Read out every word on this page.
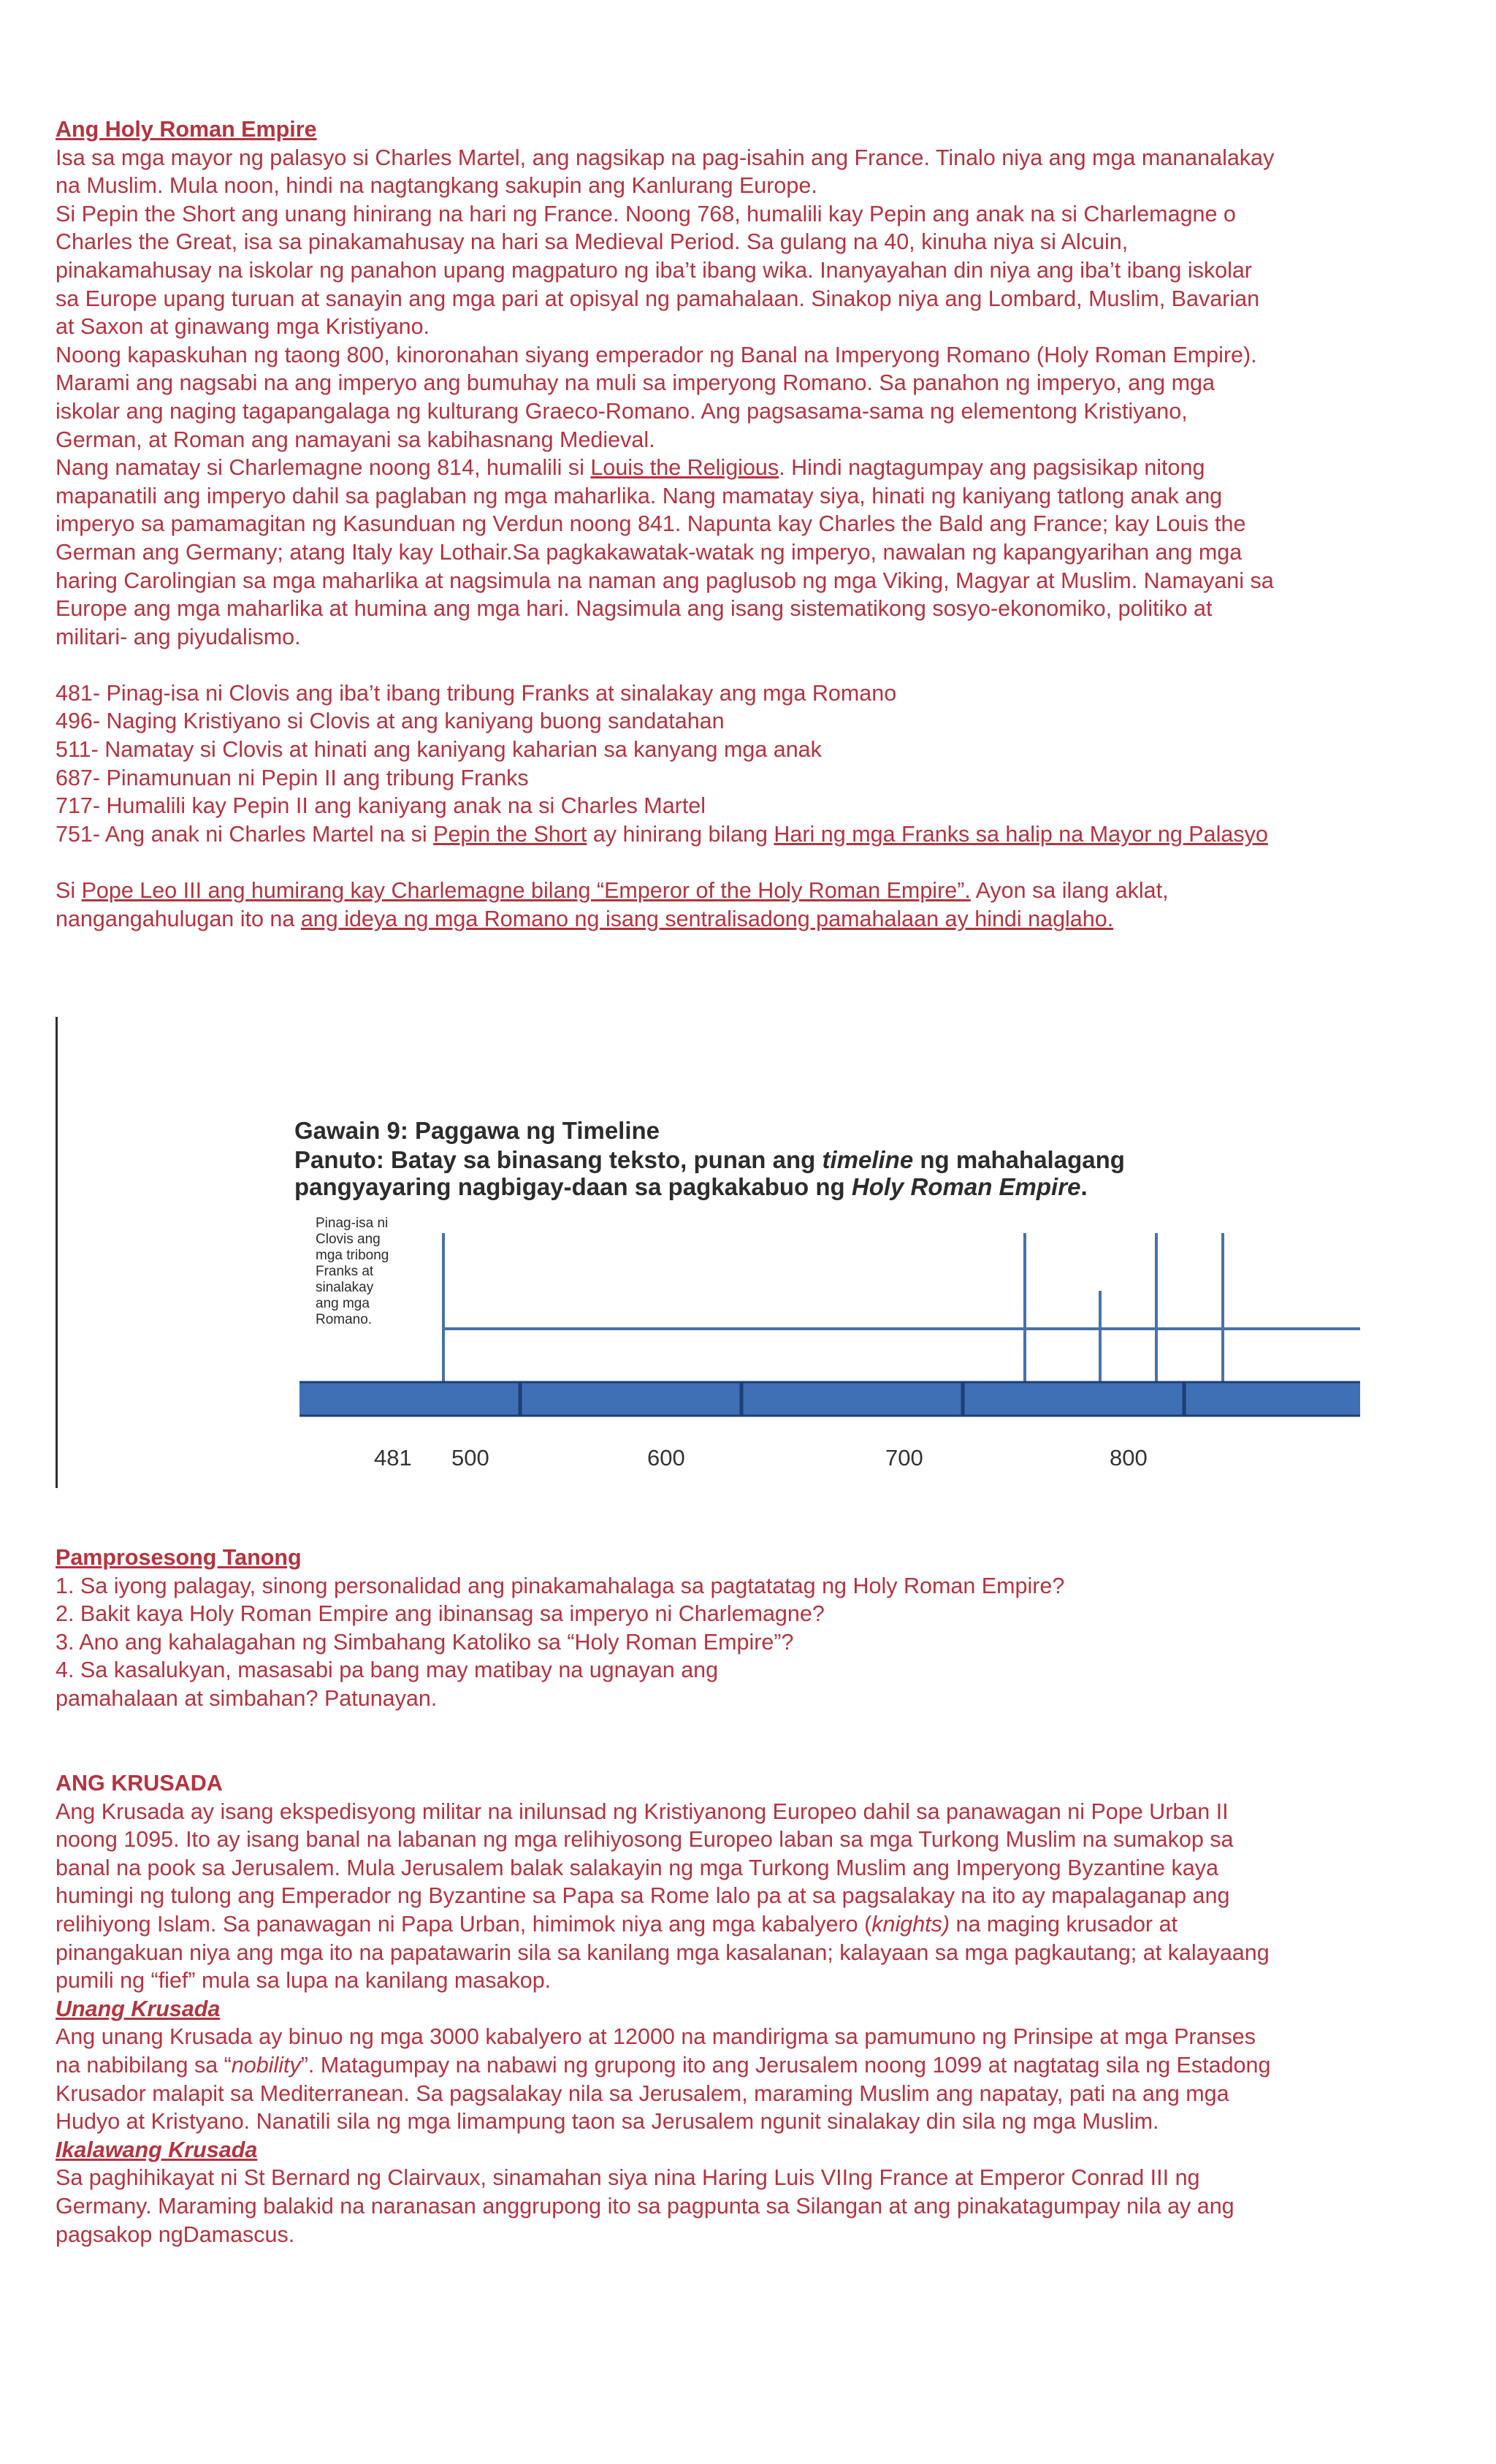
Ang Holy Roman Empire

Isa sa mga mayor ng palasyo si Charles Martel, ang nagsikap na pag-isahin ang France. Tinalo niya ang mga mananalakay

na Muslim. Mula noon, hindi na nagtangkang sakupin ang Kanlurang Europe.

Si Pepin the Short ang unang hinirang na hari ng France. Noong 768, humalili kay Pepin ang anak na si Charlemagne o

Charles the Great, isa sa pinakamahusay na hari sa Medieval Period. Sa gulang na 40, kinuha niya si Alcuin,

pinakamahusay na iskolar ng panahon upang magpaturo ng iba’t ibang wika. Inanyayahan din niya ang iba’t ibang iskolar

sa Europe upang turuan at sanayin ang mga pari at opisyal ng pamahalaan. Sinakop niya ang Lombard, Muslim, Bavarian

at Saxon at ginawang mga Kristiyano.

Noong kapaskuhan ng taong 800, kinoronahan siyang emperador ng Banal na Imperyong Romano (Holy Roman Empire).

Marami ang nagsabi na ang imperyo ang bumuhay na muli sa imperyong Romano. Sa panahon ng imperyo, ang mga

iskolar ang naging tagapangalaga ng kulturang Graeco-Romano. Ang pagsasama-sama ng elementong Kristiyano,

German, at Roman ang namayani sa kabihasnang Medieval.

Nang namatay si Charlemagne noong 814, humalili si Louis the Religious. Hindi nagtagumpay ang pagsisikap nitong

mapanatili ang imperyo dahil sa paglaban ng mga maharlika. Nang mamatay siya, hinati ng kaniyang tatlong anak ang

imperyo sa pamamagitan ng Kasunduan ng Verdun noong 841. Napunta kay Charles the Bald ang France; kay Louis the

German ang Germany; atang Italy kay Lothair.Sa pagkakawatak-watak ng imperyo, nawalan ng kapangyarihan ang mga

haring Carolingian sa mga maharlika at nagsimula na naman ang paglusob ng mga Viking, Magyar at Muslim. Namayani sa

Europe ang mga maharlika at humina ang mga hari. Nagsimula ang isang sistematikong sosyo-ekonomiko, politiko at

militari- ang piyudalismo.

481- Pinag-isa ni Clovis ang iba’t ibang tribung Franks at sinalakay ang mga Romano

496- Naging Kristiyano si Clovis at ang kaniyang buong sandatahan

511- Namatay si Clovis at hinati ang kaniyang kaharian sa kanyang mga anak

687- Pinamunuan ni Pepin II ang tribung Franks

717- Humalili kay Pepin II ang kaniyang anak na si Charles Martel

751- Ang anak ni Charles Martel na si Pepin the Short ay hinirang bilang Hari ng mga Franks sa halip na Mayor ng Palasyo

Si Pope Leo III ang humirang kay Charlemagne bilang “Emperor of the Holy Roman Empire”. Ayon sa ilang aklat,

nangangahulugan ito na ang ideya ng mga Romano ng isang sentralisadong pamahalaan ay hindi naglaho.

Gawain 9: Paggawa ng Timeline
Panuto: Batay sa binasang teksto, punan ang timeline ng mahahalagang
pangyayaring nagbigay-daan sa pagkakabuo ng Holy Roman Empire.
Pinag-isa ni
Clovis ang
mga tribong
Franks at
sinalakay
ang mga
Romano.
481 500	600	700	800

Pamprosesong Tanong

1. Sa iyong palagay, sinong personalidad ang pinakamahalaga sa pagtatatag ng Holy Roman Empire?

2. Bakit kaya Holy Roman Empire ang ibinansag sa imperyo ni Charlemagne?

3. Ano ang kahalagahan ng Simbahang Katoliko sa “Holy Roman Empire”?

4. Sa kasalukyan, masasabi pa bang may matibay na ugnayan ang

pamahalaan at simbahan? Patunayan.

ANG KRUSADA

Ang Krusada ay isang ekspedisyong militar na inilunsad ng Kristiyanong Europeo dahil sa panawagan ni Pope Urban II

noong 1095. Ito ay isang banal na labanan ng mga relihiyosong Europeo laban sa mga Turkong Muslim na sumakop sa

banal na pook sa Jerusalem. Mula Jerusalem balak salakayin ng mga Turkong Muslim ang Imperyong Byzantine kaya

humingi ng tulong ang Emperador ng Byzantine sa Papa sa Rome lalo pa at sa pagsalakay na ito ay mapalaganap ang

relihiyong Islam. Sa panawagan ni Papa Urban, himimok niya ang mga kabalyero (knights) na maging krusador at

pinangakuan niya ang mga ito na papatawarin sila sa kanilang mga kasalanan; kalayaan sa mga pagkautang; at kalayaang

pumili ng “fief” mula sa lupa na kanilang masakop.

Unang Krusada

Ang unang Krusada ay binuo ng mga 3000 kabalyero at 12000 na mandirigma sa pamumuno ng Prinsipe at mga Pranses

na nabibilang sa “nobility”. Matagumpay na nabawi ng grupong ito ang Jerusalem noong 1099 at nagtatag sila ng Estadong

Krusador malapit sa Mediterranean. Sa pagsalakay nila sa Jerusalem, maraming Muslim ang napatay, pati na ang mga

Hudyo at Kristyano. Nanatili sila ng mga limampung taon sa Jerusalem ngunit sinalakay din sila ng mga Muslim.

Ikalawang Krusada

Sa paghihikayat ni St Bernard ng Clairvaux, sinamahan siya nina Haring Luis VIIng France at Emperor Conrad III ng

Germany. Maraming balakid na naranasan anggrupong ito sa pagpunta sa Silangan at ang pinakatagumpay nila ay ang

pagsakop ngDamascus.
